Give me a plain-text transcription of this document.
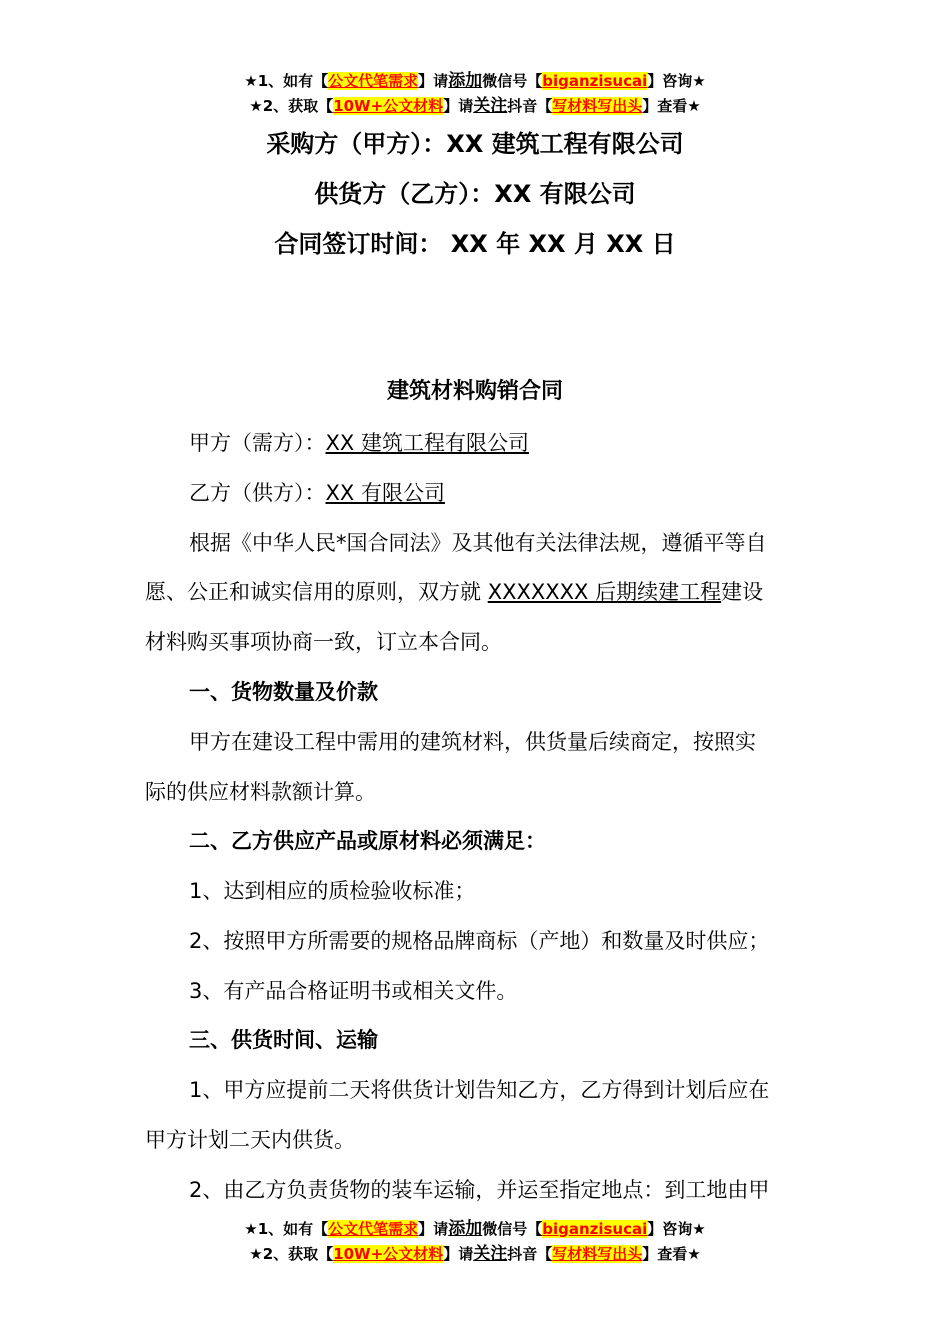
★1、如有【公文代笔需求】请添加微信号【biganzisucai】咨询★
★2、获取【10W+公文材料】请关注抖音【写材料写出头】查看★
采购方（甲方）：XX 建筑工程有限公司
供货方（乙方）：XX 有限公司
合同签订时间： XX 年 XX 月 XX 日
建筑材料购销合同
甲方（需方）：XX 建筑工程有限公司
乙方（供方）：XX 有限公司
根据《中华人民*国合同法》及其他有关法律法规，遵循平等自
愿、公正和诚实信用的原则，双方就 XXXXXXX 后期续建工程建设
材料购买事项协商一致，订立本合同。
一、货物数量及价款
甲方在建设工程中需用的建筑材料，供货量后续商定，按照实
际的供应材料款额计算。
二、乙方供应产品或原材料必须满足：
1、达到相应的质检验收标准；
2、按照甲方所需要的规格品牌商标（产地）和数量及时供应；
3、有产品合格证明书或相关文件。
三、供货时间、运输
1、甲方应提前二天将供货计划告知乙方，乙方得到计划后应在
甲方计划二天内供货。
2、由乙方负责货物的装车运输，并运至指定地点：到工地由甲
★1、如有【公文代笔需求】请添加微信号【biganzisucai】咨询★
★2、获取【10W+公文材料】请关注抖音【写材料写出头】查看★
